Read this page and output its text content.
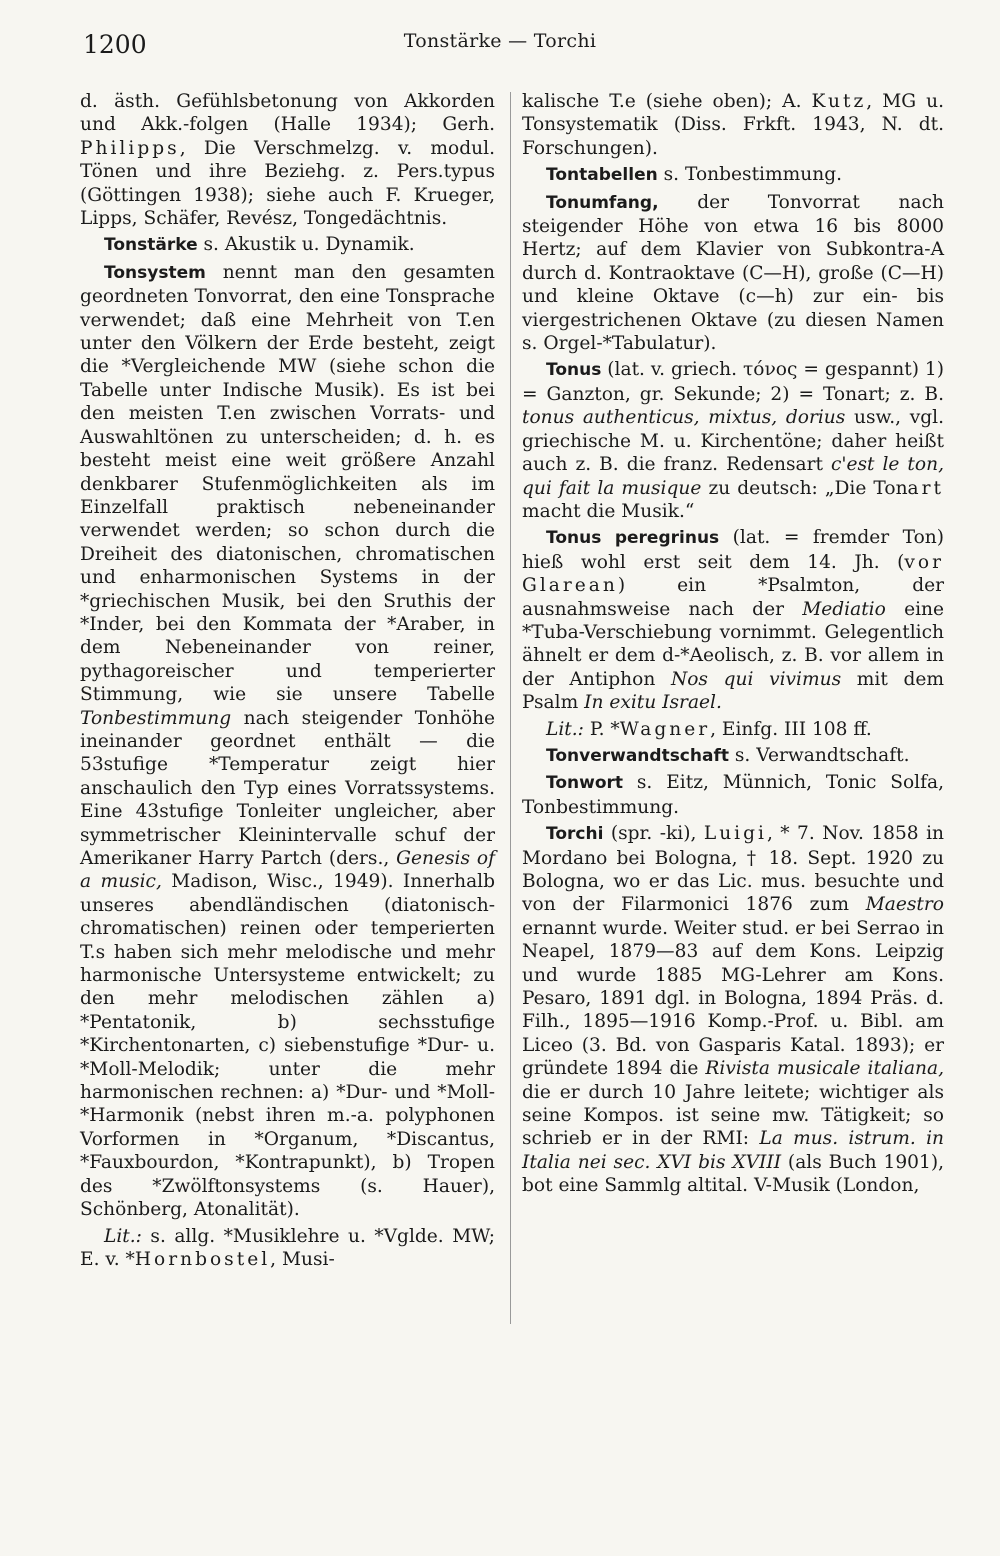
1200	Tonstärke — Torchi

d. ästh. Gefühlsbetonung von Akkorden und Akk.-folgen (Halle 1934); Gerh. Philipps, Die Verschmelzg. v. modul. Tönen und ihre Beziehg. z. Pers.typus (Göttingen 1938); siehe auch F. Krueger, Lipps, Schäfer, Revész, Tongedächtnis.

Tonstärke s. Akustik u. Dynamik.

Tonsystem nennt man den gesamten geordneten Tonvorrat, den eine Tonsprache verwendet; daß eine Mehrheit von T.en unter den Völkern der Erde besteht, zeigt die *Vergleichende MW (siehe schon die Tabelle unter Indische Musik). Es ist bei den meisten T.en zwischen Vorrats- und Auswahltönen zu unterscheiden; d. h. es besteht meist eine weit größere Anzahl denkbarer Stufenmöglichkeiten als im Einzelfall praktisch nebeneinander verwendet werden; so schon durch die Dreiheit des diatonischen, chromatischen und enharmonischen Systems in der *griechischen Musik, bei den Sruthis der *Inder, bei den Kommata der *Araber, in dem Nebeneinander von reiner, pythagoreischer und temperierter Stimmung, wie sie unsere Tabelle Tonbestimmung nach steigender Tonhöhe ineinander geordnet enthält — die 53stufige *Temperatur zeigt hier anschaulich den Typ eines Vorratssystems. Eine 43stufige Tonleiter ungleicher, aber symmetrischer Kleinintervalle schuf der Amerikaner Harry Partch (ders., Genesis of a music, Madison, Wisc., 1949). Innerhalb unseres abendländischen (diatonisch-chromatischen) reinen oder temperierten T.s haben sich mehr melodische und mehr harmonische Untersysteme entwickelt; zu den mehr melodischen zählen a) *Pentatonik, b) sechsstufige *Kirchentonarten, c) siebenstufige *Dur- u. *Moll-Melodik; unter die mehr harmonischen rechnen: a) *Dur- und *Moll-*Harmonik (nebst ihren m.-a. polyphonen Vorformen in *Organum, *Discantus, *Fauxbourdon, *Kontrapunkt), b) Tropen des *Zwölftonsystems (s. Hauer), Schönberg, Atonalität).

Lit.: s. allg. *Musiklehre u. *Vglde. MW; E. v. *Hornbostel, Musi-

kalische T.e (siehe oben); A. Kutz, MG u. Tonsystematik (Diss. Frkft. 1943, N. dt. Forschungen).

Tontabellen s. Tonbestimmung.

Tonumfang, der Tonvorrat nach steigender Höhe von etwa 16 bis 8000 Hertz; auf dem Klavier von Subkontra-A durch d. Kontraoktave (C—H), große (C—H) und kleine Oktave (c—h) zur ein- bis viergestrichenen Oktave (zu diesen Namen s. Orgel-*Tabulatur).

Tonus (lat. v. griech. τόνος = gespannt) 1) = Ganzton, gr. Sekunde; 2) = Tonart; z. B. tonus authenticus, mixtus, dorius usw., vgl. griechische M. u. Kirchentöne; daher heißt auch z. B. die franz. Redensart c'est le ton, qui fait la musique zu deutsch: „Die Tonart macht die Musik.“

Tonus peregrinus (lat. = fremder Ton) hieß wohl erst seit dem 14. Jh. (vor Glarean) ein *Psalmton, der ausnahmsweise nach der Mediatio eine *Tuba-Verschiebung vornimmt. Gelegentlich ähnelt er dem d-*Aeolisch, z. B. vor allem in der Antiphon Nos qui vivimus mit dem Psalm In exitu Israel.

Lit.: P. *Wagner, Einfg. III 108 ff.

Tonverwandtschaft s. Verwandtschaft.

Tonwort s. Eitz, Münnich, Tonic Solfa, Tonbestimmung.

Torchi (spr. -ki), Luigi, * 7. Nov. 1858 in Mordano bei Bologna, † 18. Sept. 1920 zu Bologna, wo er das Lic. mus. besuchte und von der Filarmonici 1876 zum Maestro ernannt wurde. Weiter stud. er bei Serrao in Neapel, 1879—83 auf dem Kons. Leipzig und wurde 1885 MG-Lehrer am Kons. Pesaro, 1891 dgl. in Bologna, 1894 Präs. d. Filh., 1895—1916 Komp.-Prof. u. Bibl. am Liceo (3. Bd. von Gasparis Katal. 1893); er gründete 1894 die Rivista musicale italiana, die er durch 10 Jahre leitete; wichtiger als seine Kompos. ist seine mw. Tätigkeit; so schrieb er in der RMI: La mus. istrum. in Italia nei sec. XVI bis XVIII (als Buch 1901), bot eine Sammlg altital. V-Musik (London,
